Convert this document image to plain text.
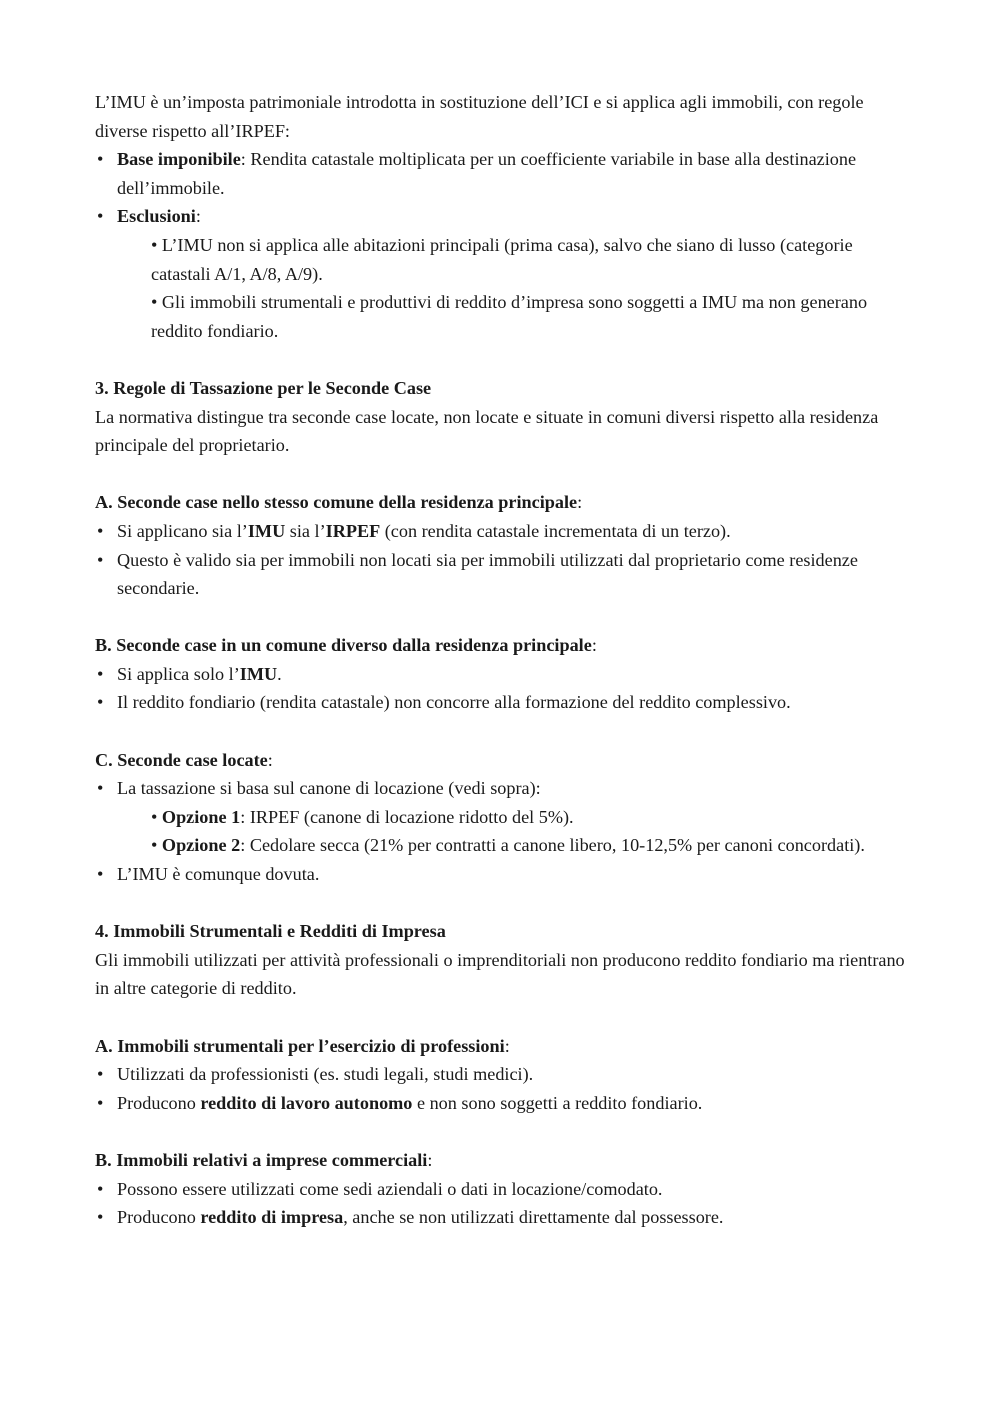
L’IMU è un’imposta patrimoniale introdotta in sostituzione dell’ICI e si applica agli immobili, con regole diverse rispetto all’IRPEF:

• Base imponibile: Rendita catastale moltiplicata per un coefficiente variabile in base alla destinazione dell’immobile.

• Esclusioni:

• L’IMU non si applica alle abitazioni principali (prima casa), salvo che siano di lusso (categorie catastali A/1, A/8, A/9).

• Gli immobili strumentali e produttivi di reddito d’impresa sono soggetti a IMU ma non generano reddito fondiario.

3. Regole di Tassazione per le Seconde Case

La normativa distingue tra seconde case locate, non locate e situate in comuni diversi rispetto alla residenza principale del proprietario.

A. Seconde case nello stesso comune della residenza principale:

• Si applicano sia l’IMU sia l’IRPEF (con rendita catastale incrementata di un terzo).

• Questo è valido sia per immobili non locati sia per immobili utilizzati dal proprietario come residenze secondarie.

B. Seconde case in un comune diverso dalla residenza principale:

• Si applica solo l’IMU.

• Il reddito fondiario (rendita catastale) non concorre alla formazione del reddito complessivo.

C. Seconde case locate:

• La tassazione si basa sul canone di locazione (vedi sopra):

• Opzione 1: IRPEF (canone di locazione ridotto del 5%).

• Opzione 2: Cedolare secca (21% per contratti a canone libero, 10-12,5% per canoni concordati).

• L’IMU è comunque dovuta.

4. Immobili Strumentali e Redditi di Impresa

Gli immobili utilizzati per attività professionali o imprenditoriali non producono reddito fondiario ma rientrano in altre categorie di reddito.

A. Immobili strumentali per l’esercizio di professioni:

• Utilizzati da professionisti (es. studi legali, studi medici).

• Producono reddito di lavoro autonomo e non sono soggetti a reddito fondiario.

B. Immobili relativi a imprese commerciali:

• Possono essere utilizzati come sedi aziendali o dati in locazione/comodato.

• Producono reddito di impresa, anche se non utilizzati direttamente dal possessore.
